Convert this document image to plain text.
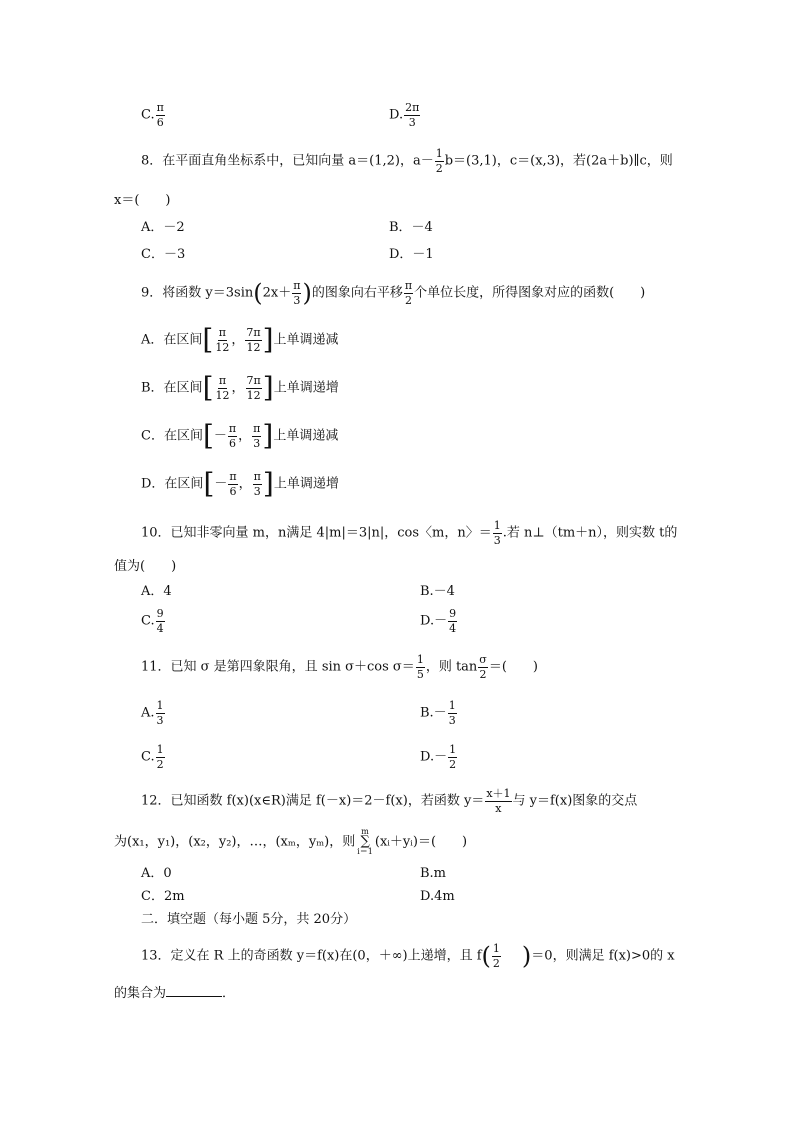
C. $\frac{\pi}{6}$	D. $\frac{2\pi}{3}$
8．在平面直角坐标系中，已知向量 a＝(1,2)，$a- \frac{1}{2} b=(3,1)$，c＝(x,3)，若(2a＋b)∥c，则
x＝(　　)
A．－2	B．－4
C．－3	D．－1
9．将函数 $y=3\sin(2x+ \frac{\pi}{3}$ )的图象向右平移 $\frac{\pi}{2}$ 个单位长度，所得图象对应的函数(　　)
A．在区间[ $\frac{\pi}{12}$ ， $\frac{7\pi}{12}$ ]上单调递减
B．在区间[ $\frac{\pi}{12}$ ， $\frac{7\pi}{12}$ ]上单调递增
C．在区间[－ $\frac{\pi}{6}$ ， $\frac{\pi}{3}$ ]上单调递减
D．在区间[－ $\frac{\pi}{6}$ ， $\frac{\pi}{3}$ ]上单调递增
10．已知非零向量 m，n满足 4|m|＝3|n|，cos〈m，n〉＝ $\frac{1}{3}$ .若 n⊥（tm＋n），则实数 t的
值为(　　)
A．4	B.－4
C. $\frac{9}{4}$	$D.- \frac{9}{4}$
11．已知 σ 是第四象限角，且 sin σ＋cos $\sigma= \frac{1}{5}$ ，则 $\tan \frac{\sigma}{2}$ ＝(　　)
A. $\frac{1}{3}$	$B.- \frac{1}{3}$
C. $\frac{1}{2}$	$D.- \frac{1}{2}$
12．已知函数 f(x)(x∈R)满足 f(－x)＝2－f(x)，若函数 $y= \frac{x+1}{x}$ 与 y＝f(x)图象的交点
为(x₁，y₁)，(x₂，y₂)，…，(xₘ，yₘ)，则
m
∑
i＝1
(xᵢ＋yᵢ)＝(　　)
A．0	B.m
C．2m	D.4m
二．填空题（每小题 5分，共 20分）
13．定义在 R 上的奇函数 y＝f(x)在(0，＋∞)上递增，且 $f( \frac{1}{2} )=0$，则满足 f(x)>0的 x
的集合为	．
